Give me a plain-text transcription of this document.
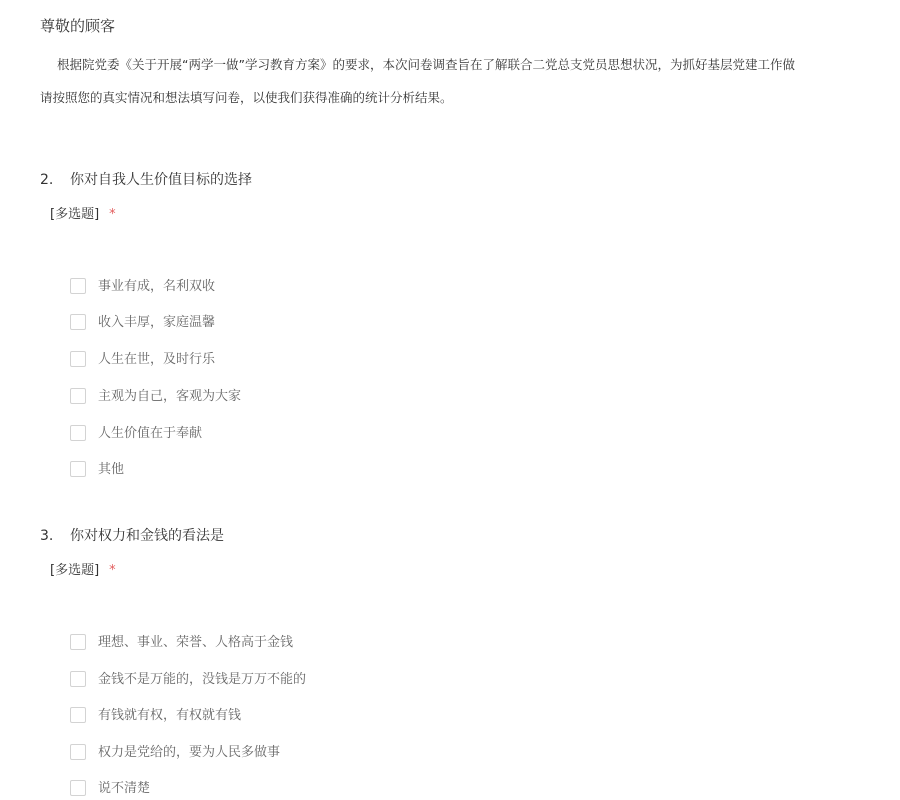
尊敬的顾客
根据院党委《关于开展“两学一做”学习教育方案》的要求，本次问卷调查旨在了解联合二党总支党员思想状况，为抓好基层党建工作做
请按照您的真实情况和想法填写问卷，以使我们获得准确的统计分析结果。
2. 你对自我人生价值目标的选择
[多选题] *
事业有成，名利双收
收入丰厚，家庭温馨
人生在世，及时行乐
主观为自己，客观为大家
人生价值在于奉献
其他
3. 你对权力和金钱的看法是
[多选题] *
理想、事业、荣誉、人格高于金钱
金钱不是万能的，没钱是万万不能的
有钱就有权，有权就有钱
权力是党给的，要为人民多做事
说不清楚
